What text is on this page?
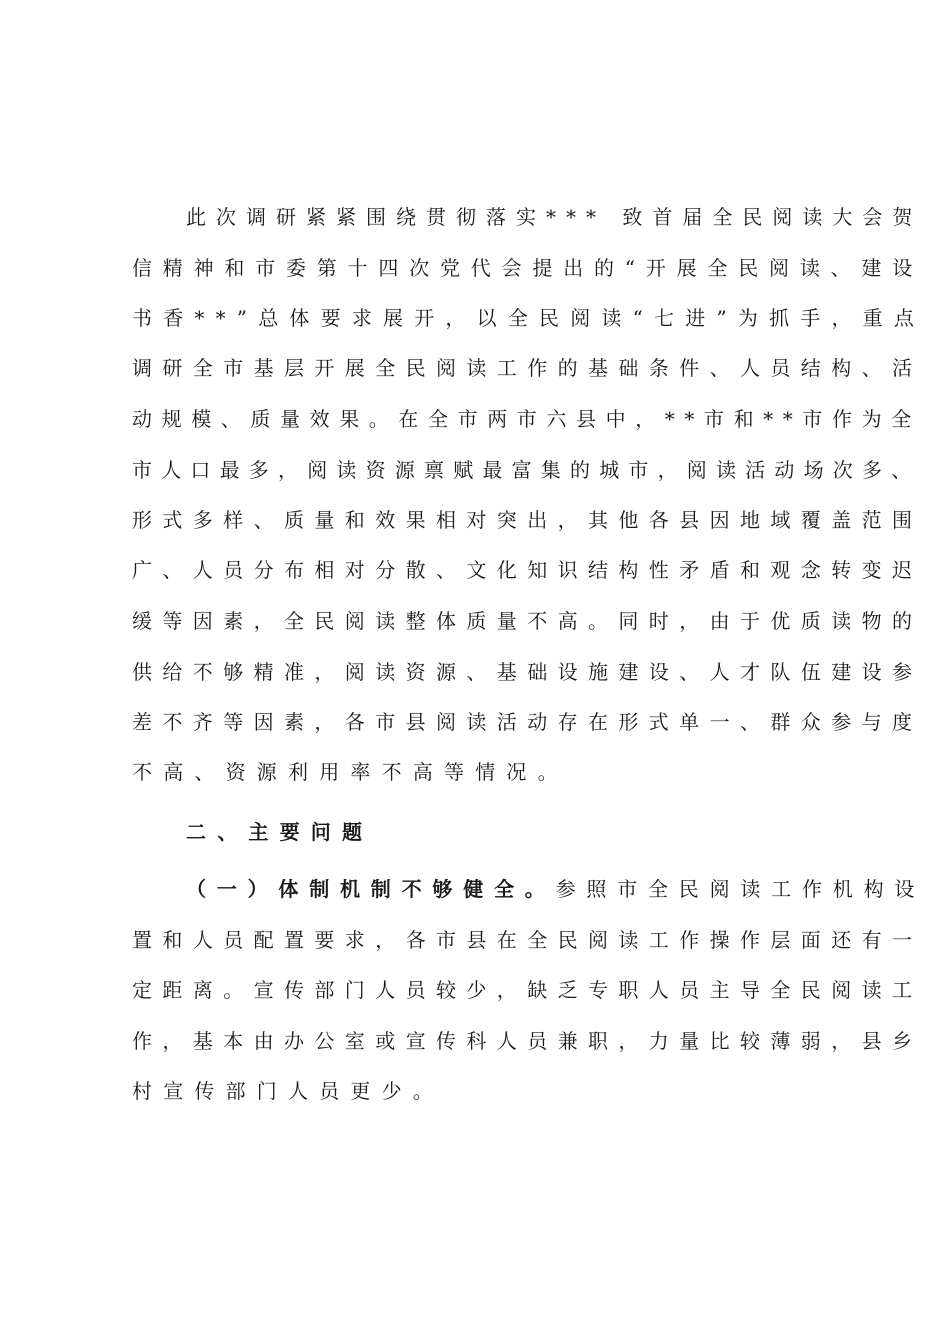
此次调研紧紧围绕贯彻落实*** 致首届全民阅读大会贺
信精神和市委第十四次党代会提出的“开展全民阅读、建设
书香**”总体要求展开，以全民阅读“七进”为抓手，重点
调研全市基层开展全民阅读工作的基础条件、人员结构、活
动规模、质量效果。在全市两市六县中，**市和**市作为全
市人口最多，阅读资源禀赋最富集的城市，阅读活动场次多、
形式多样、质量和效果相对突出，其他各县因地域覆盖范围
广、人员分布相对分散、文化知识结构性矛盾和观念转变迟
缓等因素，全民阅读整体质量不高。同时，由于优质读物的
供给不够精准，阅读资源、基础设施建设、人才队伍建设参
差不齐等因素，各市县阅读活动存在形式单一、群众参与度
不高、资源利用率不高等情况。
二、主要问题
（一）体制机制不够健全。参照市全民阅读工作机构设
置和人员配置要求，各市县在全民阅读工作操作层面还有一
定距离。宣传部门人员较少，缺乏专职人员主导全民阅读工
作，基本由办公室或宣传科人员兼职，力量比较薄弱，县乡
村宣传部门人员更少。
